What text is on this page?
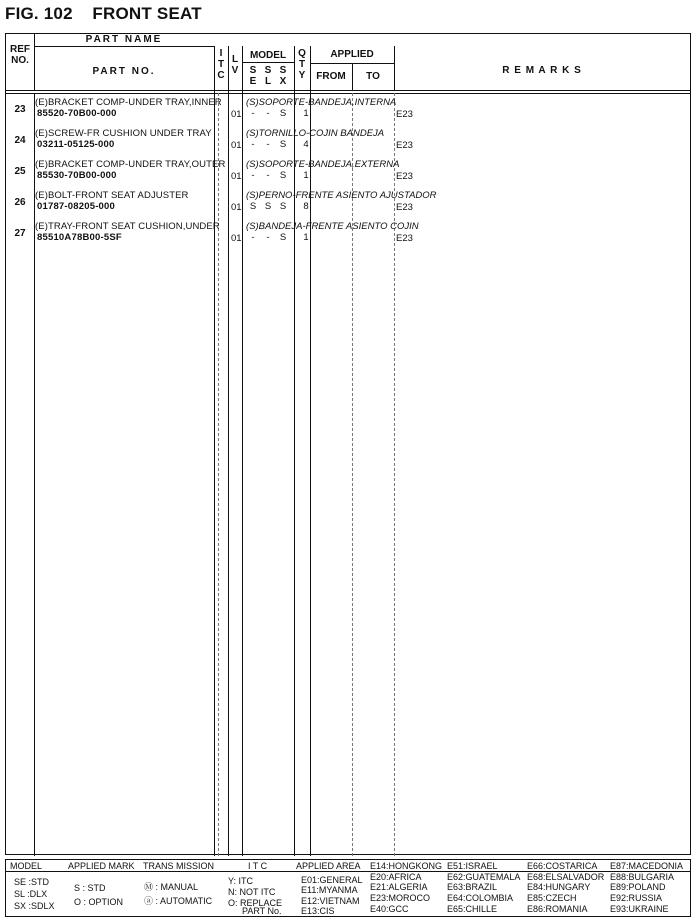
FIG. 102    FRONT SEAT
REF
NO.
PART NAME
PART NO.
I
T
C
L
V
MODEL
S
E
S
L
S
X
Q
T
Y
APPLIED
FROM	TO
R E M A R K S
23
(E)BRACKET COMP-UNDER TRAY,INNER
85520-70B00-000
(S)SOPORTE-BANDEJA,INTERNA
01	-	-	S	1	E23
24
(E)SCREW-FR CUSHION UNDER TRAY
03211-05125-000
(S)TORNILLO-COJIN BANDEJA
01	-	-	S	4	E23
25
(E)BRACKET COMP-UNDER TRAY,OUTER
85530-70B00-000
(S)SOPORTE-BANDEJA,EXTERNA
01	-	-	S	1	E23
26
(E)BOLT-FRONT SEAT ADJUSTER
01787-08205-000
(S)PERNO-FRENTE ASIENTO AJUSTADOR
01 S S S	8	E23
27
(E)TRAY-FRONT SEAT CUSHION,UNDER
85510A78B00-5SF
(S)BANDEJA-FRENTE ASIENTO COJIN
01	-	-	S	1	E23
MODEL
SE :STD
SL :DLX
SX :SDLX
APPLIED MARK
S : STD
O : OPTION
TRANS MISSION
Ⓜ : MANUAL
ⓐ : AUTOMATIC
I T C
Y: ITC
N: NOT ITC
O: REPLACE
PART No.
APPLIED AREA
E01:GENERAL
E11:MYANMA
E12:VIETNAM
E13:CIS
E14:HONGKONG
E20:AFRICA
E21:ALGERIA
E23:MOROCO
E40:GCC
E51:ISRAEL
E62:GUATEMALA
E63:BRAZIL
E64:COLOMBIA
E65:CHILLE
E66:COSTARICA
E68:ELSALVADOR
E84:HUNGARY
E85:CZECH
E86:ROMANIA
E87:MACEDONIA
E88:BULGARIA
E89:POLAND
E92:RUSSIA
E93:UKRAINE
